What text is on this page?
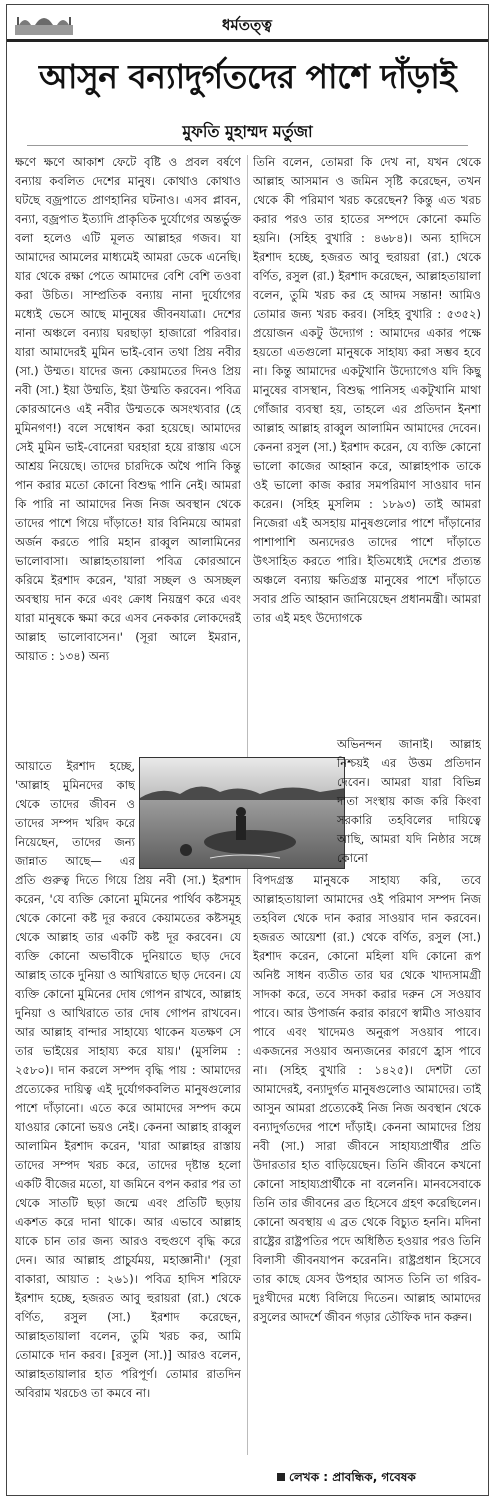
ধর্মতত্ত্ব
আসুন বন্যাদুর্গতদের পাশে দাঁড়াই
মুফতি মুহাম্মদ মর্তুজা

ক্ষণে ক্ষণে আকাশ ফেটে বৃষ্টি ও প্রবল বর্ষণে বন্যায় কবলিত দেশের মানুষ। কোথাও কোথাও ঘটছে বজ্রপাতে প্রাণহানির ঘটনাও। এসব প্লাবন, বন্যা, বজ্রপাত ইত্যাদি প্রাকৃতিক দুর্যোগের অন্তর্ভুক্ত বলা হলেও এটি মূলত আল্লাহর গজব। যা আমাদের আমলের মাধ্যমেই আমরা ডেকে এনেছি। যার থেকে রক্ষা পেতে আমাদের বেশি বেশি তওবা করা উচিত। সাম্প্রতিক বন্যায় নানা দুর্যোগের মধ্যেই ভেসে আছে মানুষের জীবনযাত্রা। দেশের নানা অঞ্চলে বন্যায় ঘরছাড়া হাজারো পরিবার। যারা আমাদেরই মুমিন ভাই-বোন তথা প্রিয় নবীর (সা.) উম্মত। যাদের জন্য কেয়ামতের দিনও প্রিয় নবী (সা.) ইয়া উম্মতি, ইয়া উম্মতি করবেন। পবিত্র কোরআনেও এই নবীর উম্মতকে অসংখ্যবার (হে মুমিনগণ!) বলে সম্বোধন করা হয়েছে। আমাদের সেই মুমিন ভাই-বোনেরা ঘরহারা হয়ে রাস্তায় এসে আশ্রয় নিয়েছে। তাদের চারদিকে অথৈ পানি কিন্তু পান করার মতো কোনো বিশুদ্ধ পানি নেই। আমরা কি পারি না আমাদের নিজ নিজ অবস্থান থেকে তাদের পাশে গিয়ে দাঁড়াতে! যার বিনিময়ে আমরা অর্জন করতে পারি মহান রাব্বুল আলামিনের ভালোবাসা। আল্লাহতায়ালা পবিত্র কোরআনে করিমে ইরশাদ করেন, 'যারা সচ্ছল ও অসচ্ছল অবস্থায় দান করে এবং ক্রোধ নিয়ন্ত্রণ করে এবং যারা মানুষকে ক্ষমা করে এসব নেককার লোকদেরই আল্লাহ ভালোবাসেন।' (সূরা আলে ইমরান, আয়াত : ১৩৪) অন্য

আয়াতে ইরশাদ হচ্ছে, 'আল্লাহ মুমিনদের কাছ থেকে তাদের জীবন ও তাদের সম্পদ খরিদ করে নিয়েছেন, তাদের জন্য জান্নাত আছে— এর

প্রতি গুরুত্ব দিতে গিয়ে প্রিয় নবী (সা.) ইরশাদ করেন, 'যে ব্যক্তি কোনো মুমিনের পার্থিব কষ্টসমূহ থেকে কোনো কষ্ট দূর করবে কেয়ামতের কষ্টসমূহ থেকে আল্লাহ তার একটি কষ্ট দূর করবেন। যে ব্যক্তি কোনো অভাবীকে দুনিয়াতে ছাড় দেবে আল্লাহ তাকে দুনিয়া ও আখিরাতে ছাড় দেবেন। যে ব্যক্তি কোনো মুমিনের দোষ গোপন রাখবে, আল্লাহ দুনিয়া ও আখিরাতে তার দোষ গোপন রাখবেন। আর আল্লাহ বান্দার সাহায্যে থাকেন যতক্ষণ সে তার ভাইয়ের সাহায্য করে যায়।' (মুসলিম : ২৫৮০)। দান করলে সম্পদ বৃদ্ধি পায় : আমাদের প্রত্যেকের দায়িত্ব এই দুর্যোগকবলিত মানুষগুলোর পাশে দাঁড়ানো। এতে করে আমাদের সম্পদ কমে যাওয়ার কোনো ভয়ও নেই। কেননা আল্লাহ রাব্বুল আলামিন ইরশাদ করেন, 'যারা আল্লাহর রাস্তায় তাদের সম্পদ খরচ করে, তাদের দৃষ্টান্ত হলো একটি বীজের মতো, যা জমিনে বপন করার পর তা থেকে সাতটি ছড়া জন্মে এবং প্রতিটি ছড়ায় একশত করে দানা থাকে। আর এভাবে আল্লাহ যাকে চান তার জন্য আরও বহুগুণে বৃদ্ধি করে দেন। আর আল্লাহ প্রাচুর্যময়, মহাজ্ঞানী।' (সূরা বাকারা, আয়াত : ২৬১)। পবিত্র হাদিস শরিফে ইরশাদ হচ্ছে, হজরত আবু হুরায়রা (রা.) থেকে বর্ণিত, রসুল (সা.) ইরশাদ করেছেন, আল্লাহতায়ালা বলেন, তুমি খরচ কর, আমি তোমাকে দান করব। [রসুল (সা.)] আরও বলেন, আল্লাহতায়ালার হাত পরিপূর্ণ। তোমার রাতদিন অবিরাম খরচেও তা কমবে না।

তিনি বলেন, তোমরা কি দেখ না, যখন থেকে আল্লাহ আসমান ও জমিন সৃষ্টি করেছেন, তখন থেকে কী পরিমাণ খরচ করেছেন? কিন্তু এত খরচ করার পরও তার হাতের সম্পদে কোনো কমতি হয়নি। (সহিহ বুখারি : ৪৬৮৪)। অন্য হাদিসে ইরশাদ হচ্ছে, হজরত আবু হুরায়রা (রা.) থেকে বর্ণিত, রসুল (রা.) ইরশাদ করেছেন, আল্লাহতায়ালা বলেন, তুমি খরচ কর হে আদম সন্তান! আমিও তোমার জন্য খরচ করব। (সহিহ বুখারি : ৫৩৫২) প্রয়োজন একটু উদ্যোগ : আমাদের একার পক্ষে হয়তো এতগুলো মানুষকে সাহায্য করা সম্ভব হবে না। কিন্তু আমাদের একটুখানি উদ্যোগেও যদি কিছু মানুষের বাসস্থান, বিশুদ্ধ পানিসহ একটুখানি মাথা গোঁজার ব্যবস্থা হয়, তাহলে এর প্রতিদান ইনশা আল্লাহ আল্লাহ রাব্বুল আলামিন আমাদের দেবেন। কেননা রসুল (সা.) ইরশাদ করেন, যে ব্যক্তি কোনো ভালো কাজের আহ্বান করে, আল্লাহপাক তাকে ওই ভালো কাজ করার সমপরিমাণ সাওয়াব দান করেন। (সহিহ মুসলিম : ১৮৯৩) তাই আমরা নিজেরা এই অসহায় মানুষগুলোর পাশে দাঁড়ানোর পাশাপাশি অন্যদেরও তাদের পাশে দাঁড়াতে উৎসাহিত করতে পারি। ইতিমধ্যেই দেশের প্রত্যন্ত অঞ্চলে বন্যায় ক্ষতিগ্রস্ত মানুষের পাশে দাঁড়াতে সবার প্রতি আহ্বান জানিয়েছেন প্রধানমন্ত্রী। আমরা তার এই মহৎ উদ্যোগকে

অভিনন্দন জানাই। আল্লাহ নিশ্চয়ই এর উত্তম প্রতিদান দেবেন। আমরা যারা বিভিন্ন দাতা সংস্থায় কাজ করি কিংবা সরকারি তহবিলের দায়িত্বে আছি, আমরা যদি নিষ্ঠার সঙ্গে কোনো

বিপদগ্রস্ত মানুষকে সাহায্য করি, তবে আল্লাহতায়ালা আমাদের ওই পরিমাণ সম্পদ নিজ তহবিল থেকে দান করার সাওয়াব দান করবেন। হজরত আয়েশা (রা.) থেকে বর্ণিত, রসুল (সা.) ইরশাদ করেন, কোনো মহিলা যদি কোনো রূপ অনিষ্ট সাধন ব্যতীত তার ঘর থেকে খাদ্যসামগ্রী সাদকা করে, তবে সদকা করার দরুন সে সওয়াব পাবে। আর উপার্জন করার কারণে স্বামীও সাওয়াব পাবে এবং খাদেমও অনুরূপ সওয়াব পাবে। একজনের সওয়াব অন্যজনের কারণে হ্রাস পাবে না। (সহিহ বুখারি : ১৪২৫)। দেশটা তো আমাদেরই, বন্যাদুর্গত মানুষগুলোও আমাদের। তাই আসুন আমরা প্রত্যেকেই নিজ নিজ অবস্থান থেকে বন্যাদুর্গতদের পাশে দাঁড়াই। কেননা আমাদের প্রিয় নবী (সা.) সারা জীবনে সাহায্যপ্রার্থীর প্রতি উদারতার হাত বাড়িয়েছেন। তিনি জীবনে কখনো কোনো সাহায্যপ্রার্থীকে না বলেননি। মানবসেবাকে তিনি তার জীবনের ব্রত হিসেবে গ্রহণ করেছিলেন। কোনো অবস্থায় এ ব্রত থেকে বিচ্যুত হননি। মদিনা রাষ্ট্রের রাষ্ট্রপতির পদে অধিষ্ঠিত হওয়ার পরও তিনি বিলাসী জীবনযাপন করেননি। রাষ্ট্রপ্রধান হিসেবে তার কাছে যেসব উপহার আসত তিনি তা গরিব-দুঃখীদের মধ্যে বিলিয়ে দিতেন। আল্লাহ আমাদের রসুলের আদর্শে জীবন গড়ার তৌফিক দান করুন।

লেখক : প্রাবন্ধিক, গবেষক
